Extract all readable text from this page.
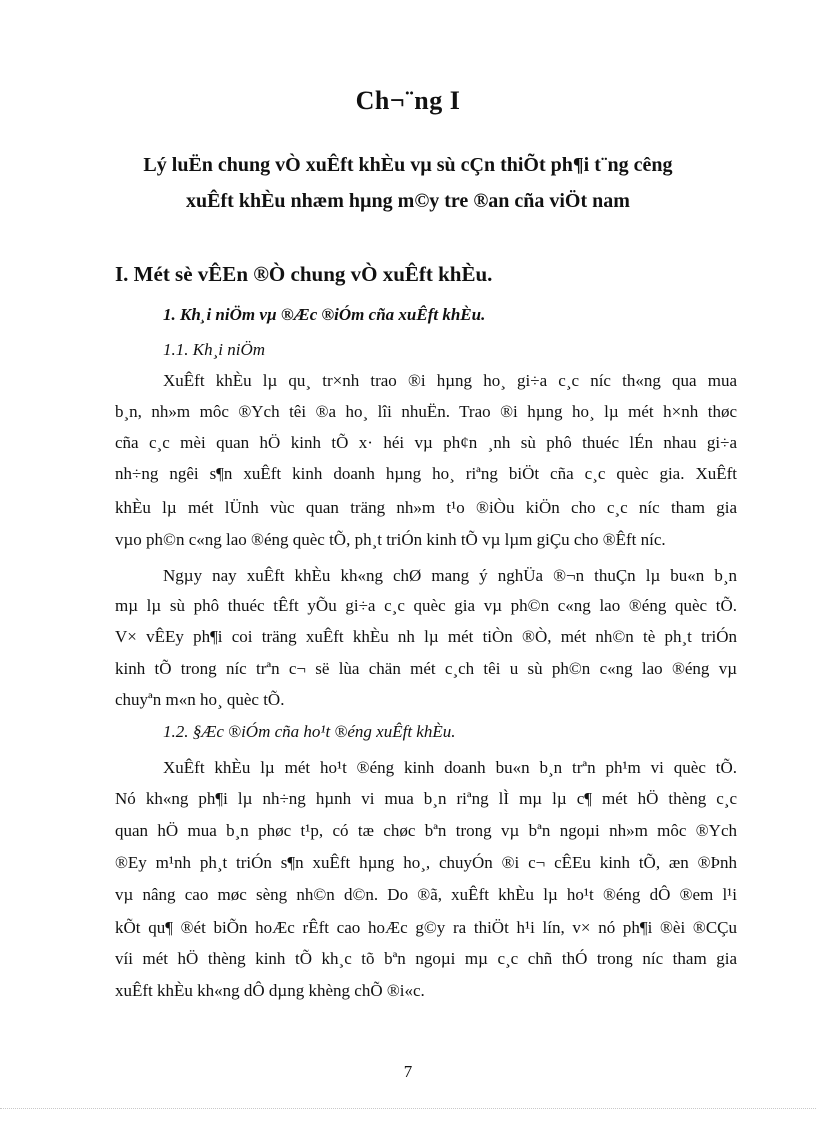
Ch¬¨ng I
Lý luËn chung vÒ xuÊft khÈu vµ sù cÇn thiÕt ph¶i t¨ng cêng
xuÊft khÈu nhæm hµng m©y tre ®an cña viÖt nam
I. Mét sè vÊEn ®Ò chung vÒ xuÊft khÈu.
1. Kh¸i niÖm vµ ®Æc ®iÓm cña xuÊft khÈu.
1.1. Kh¸i niÖm
XuÊft khÈu lµ qu¸ tr×nh trao ®i hµng ho¸ gi÷a c¸c níc th«ng qua mua
b¸n, nh»m môc ®Ych têi ®a ho¸ lîi nhuËn. Trao ®i hµng ho¸ lµ mét h×nh thøc
cña c¸c mèi quan hÖ kinh tÕ x· héi vµ ph¢n ¸nh sù phô thuéc lÉn nhau gi÷a
nh÷ng ngêi s¶n xuÊft kinh doanh hµng ho¸ riªng biÖt cña c¸c quèc gia. XuÊft
khÈu lµ mét lÜnh vùc quan träng nh»m t¹o ®iÒu kiÖn cho c¸c níc tham gia
vµo ph©n c«ng lao ®éng quèc tÕ, ph¸t triÓn kinh tÕ vµ lµm giÇu cho ®Êft níc.
Ngµy nay xuÊft khÈu kh«ng chØ mang ý nghÜa ®¬n thuÇn lµ bu«n b¸n
mµ lµ sù phô thuéc tÊft yÕu gi÷a c¸c quèc gia vµ ph©n c«ng lao ®éng quèc tÕ.
V× vÊEy ph¶i coi träng xuÊft khÈu nh lµ mét tiÒn ®Ò, mét nh©n tè ph¸t triÓn
kinh tÕ trong níc trªn c¬ së lùa chän mét c¸ch têi u sù ph©n c«ng lao ®éng vµ
chuyªn m«n ho¸ quèc tÕ.
1.2. §Æc ®iÓm cña ho¹t ®éng xuÊft khÈu.
XuÊft khÈu lµ mét ho¹t ®éng kinh doanh bu«n b¸n trªn ph¹m vi quèc tÕ.
Nó kh«ng ph¶i lµ nh÷ng hµnh vi mua b¸n riªng lÌ mµ lµ c¶ mét hÖ thèng c¸c
quan hÖ mua b¸n phøc t¹p, có tæ chøc bªn trong vµ bªn ngoµi nh»m môc ®Ych
®Ey m¹nh ph¸t triÓn s¶n xuÊft hµng ho¸, chuyÓn ®i c¬ cÊEu kinh tÕ, æn ®Þnh
vµ nâng cao møc sèng nh©n d©n. Do ®ã, xuÊft khÈu lµ ho¹t ®éng dÔ ®em l¹i
kÕt qu¶ ®ét biÕn hoÆc rÊft cao hoÆc g©y ra thiÖt h¹i lín, v× nó ph¶i ®èi ®CÇu
víi mét hÖ thèng kinh tÕ kh¸c tõ bªn ngoµi mµ c¸c chñ thÓ trong níc tham gia
xuÊft khÈu kh«ng dÔ dµng khèng chÕ ®i«c.
7
